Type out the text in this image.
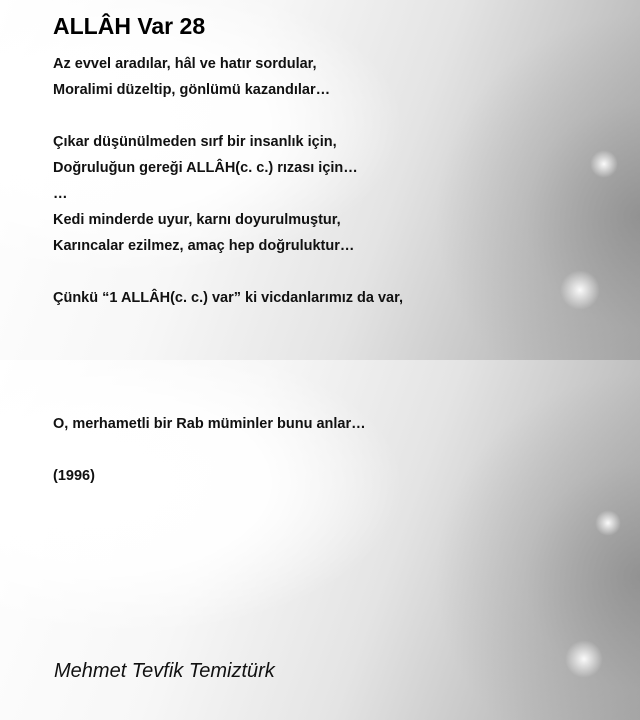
ALLÂH Var 28
Az evvel aradılar, hâl ve hatır sordular,
Moralimi düzeltip, gönlümü kazandılar…
Çıkar düşünülmeden sırf bir insanlık için,
Doğruluğun gereği ALLÂH(c. c.) rızası için…
…
Kedi minderde uyur, karnı doyurulmuştur,
Karıncalar ezilmez, amaç hep doğruluktur…
Çünkü “1 ALLÂH(c. c.) var” ki vicdanlarımız da var,
O, merhametli bir Rab müminler bunu anlar…
(1996)
Mehmet Tevfik Temiztürk
